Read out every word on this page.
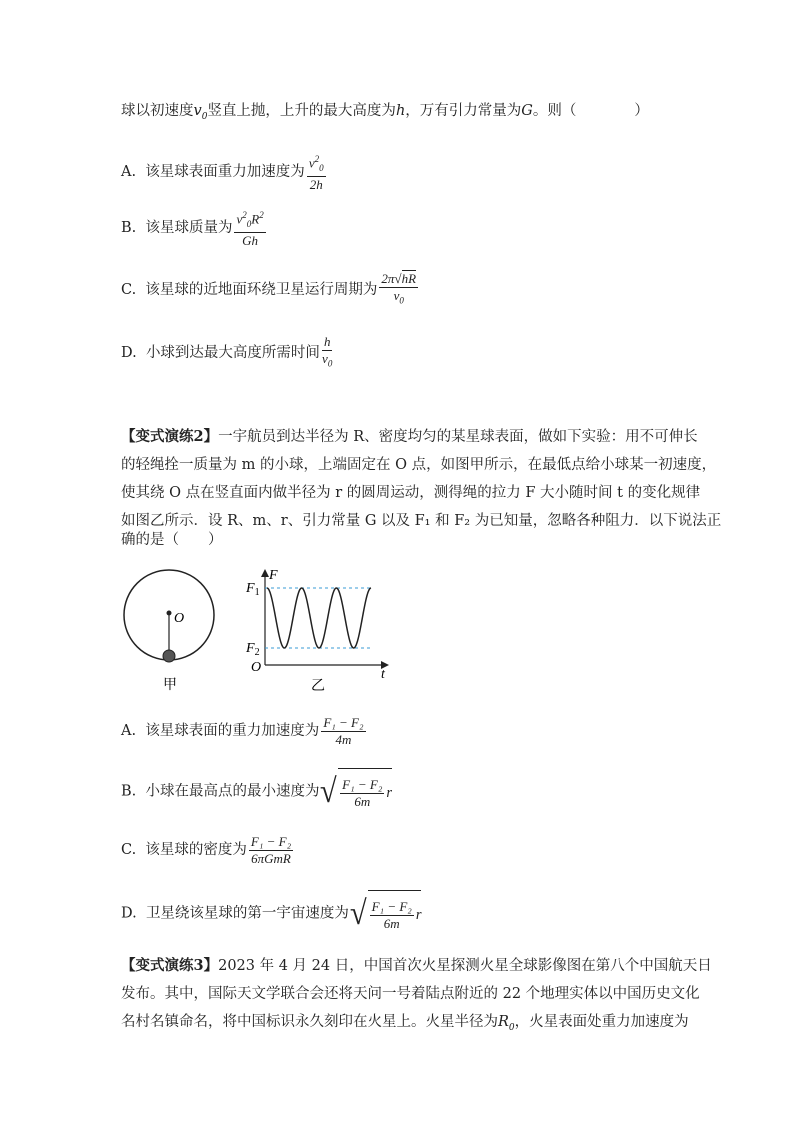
球以初速度$v_0$竖直上抛，上升的最大高度为h，万有引力常量为G。则（	）
A. 该星球表面重力加速度为 $\frac{v^2_0}{2h}$
B. 该星球质量为 $\frac{v^2_0R^2}{Gh}$
C. 该星球的近地面环绕卫星运行周期为 $\frac{2\pi√hR}{v_0}$
D. 小球到达最大高度所需时间 $\frac{h}{v_0}$
【变式演练2】一宇航员到达半径为 R、密度均匀的某星球表面，做如下实验：用不可伸长
的轻绳拴一质量为 m 的小球，上端固定在 O 点，如图甲所示，在最低点给小球某一初速度，
使其绕 O 点在竖直面内做半径为 r 的圆周运动，测得绳的拉力 F 大小随时间 t 的变化规律
如图乙所示．设 R、m、r、引力常量 G 以及 F₁ 和 F₂ 为已知量，忽略各种阻力．以下说法正
确的是（　　）
O
甲
F
$F_1$
$F_2$
O	t
乙
A. 该星球表面的重力加速度为 $\frac{\text{F₁ − F₂}}{4m}$
B. 小球在最高点的最小速度为√ $\frac{\text{F₁ − F₂}}{6m}$ r
C. 该星球的密度为 $\frac{\text{F₁ − F₂}}{\text{6πGmR}}$
D. 卫星绕该星球的第一宇宙速度为√ $\frac{\text{F₁ − F₂}}{6m}$ r
【变式演练3】2023 年 4 月 24 日，中国首次火星探测火星全球影像图在第八个中国航天日
发布。其中，国际天文学联合会还将天问一号着陆点附近的 22 个地理实体以中国历史文化
名村名镇命名，将中国标识永久刻印在火星上。火星半径为$R_0$，火星表面处重力加速度为
